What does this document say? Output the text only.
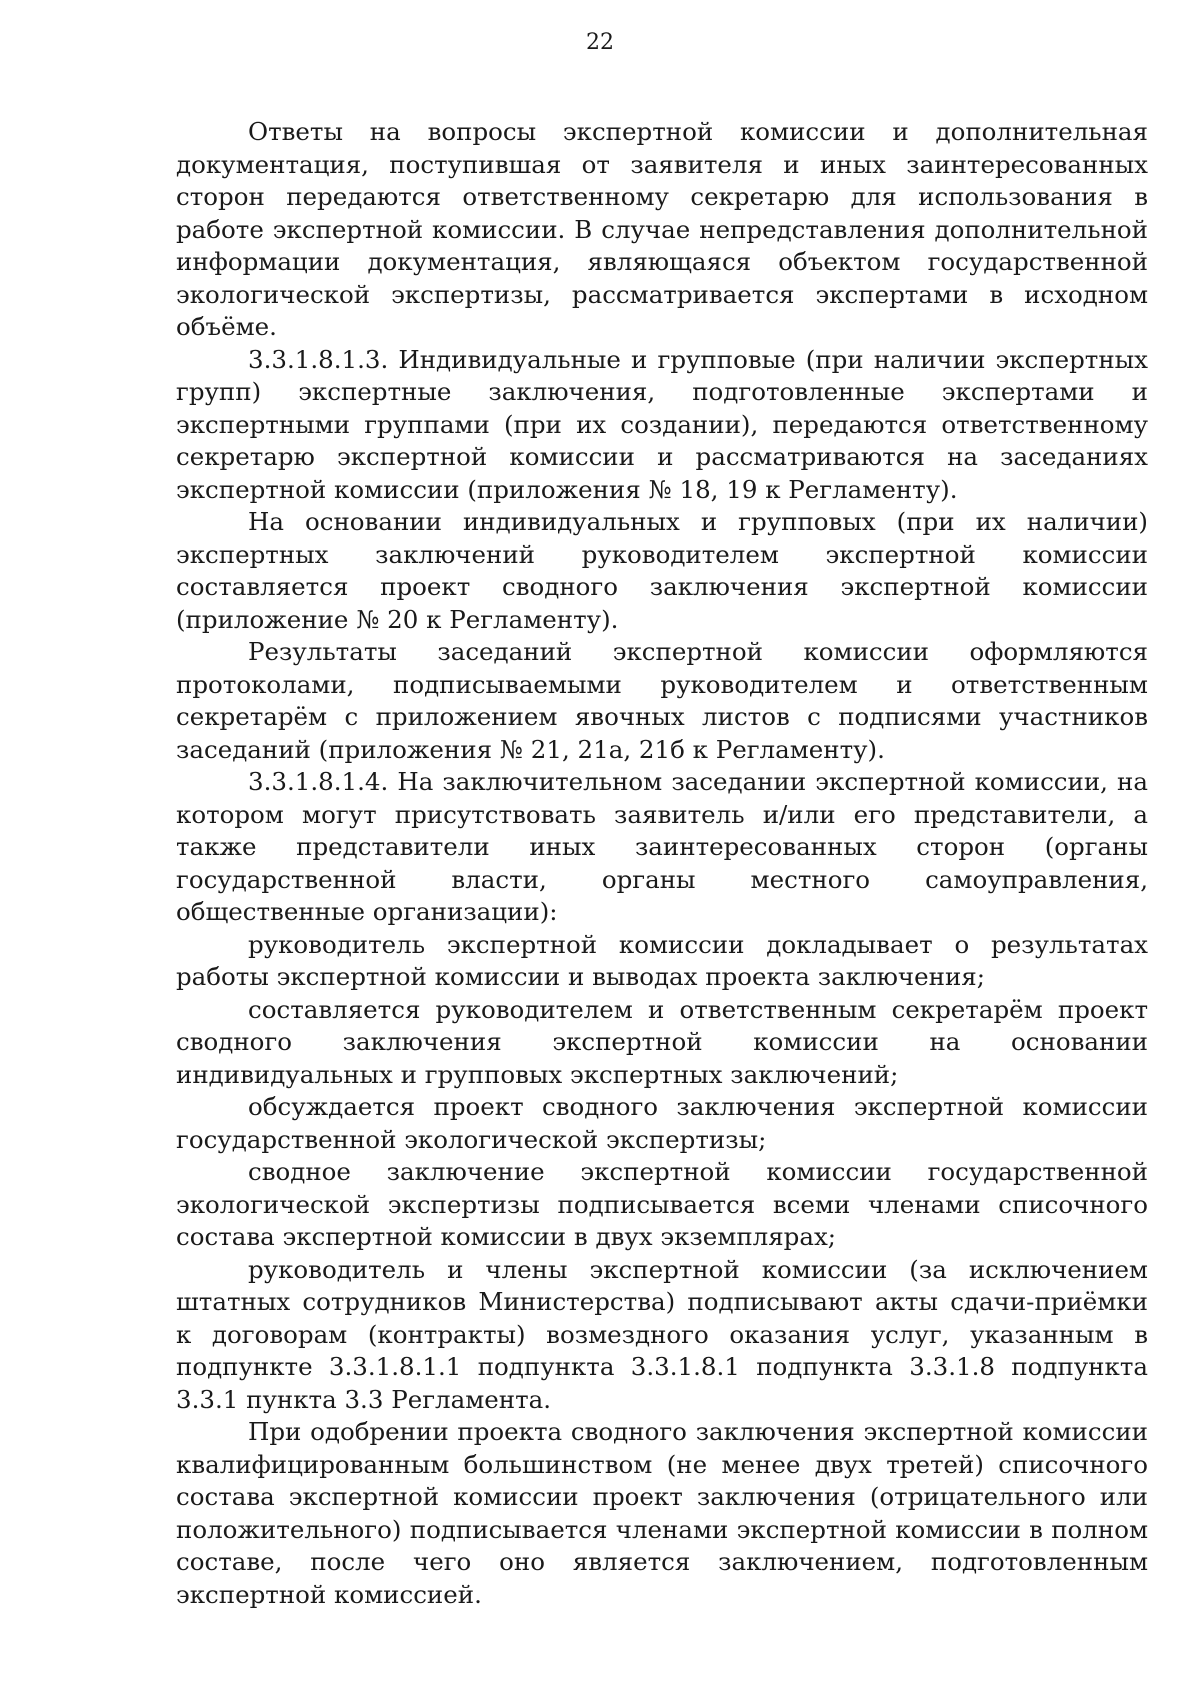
22

Ответы на вопросы экспертной комиссии и дополнительная документация, поступившая от заявителя и иных заинтересованных сторон передаются ответственному секретарю для использования в работе экспертной комиссии. В случае непредставления дополнительной информации документация, являющаяся объектом государственной экологической экспертизы, рассматривается экспертами в исходном объёме.

3.3.1.8.1.3. Индивидуальные и групповые (при наличии экспертных групп) экспертные заключения, подготовленные экспертами и экспертными группами (при их создании), передаются ответственному секретарю экспертной комиссии и рассматриваются на заседаниях экспертной комиссии (приложения № 18, 19 к Регламенту).

На основании индивидуальных и групповых (при их наличии) экспертных заключений руководителем экспертной комиссии составляется проект сводного заключения экспертной комиссии (приложение № 20 к Регламенту).

Результаты заседаний экспертной комиссии оформляются протоколами, подписываемыми руководителем и ответственным секретарём с приложением явочных листов с подписями участников заседаний (приложения № 21, 21а, 21б к Регламенту).

3.3.1.8.1.4. На заключительном заседании экспертной комиссии, на котором могут присутствовать заявитель и/или его представители, а также представители иных заинтересованных сторон (органы государственной власти, органы местного самоуправления, общественные организации):

руководитель экспертной комиссии докладывает о результатах работы экспертной комиссии и выводах проекта заключения;

составляется руководителем и ответственным секретарём проект сводного заключения экспертной комиссии на основании индивидуальных и групповых экспертных заключений;

обсуждается проект сводного заключения экспертной комиссии государственной экологической экспертизы;

сводное заключение экспертной комиссии государственной экологической экспертизы подписывается всеми членами списочного состава экспертной комиссии в двух экземплярах;

руководитель и члены экспертной комиссии (за исключением штатных сотрудников Министерства) подписывают акты сдачи-приёмки к договорам (контракты) возмездного оказания услуг, указанным в подпункте 3.3.1.8.1.1 подпункта 3.3.1.8.1 подпункта 3.3.1.8 подпункта 3.3.1 пункта 3.3 Регламента.

При одобрении проекта сводного заключения экспертной комиссии квалифицированным большинством (не менее двух третей) списочного состава экспертной комиссии проект заключения (отрицательного или положительного) подписывается членами экспертной комиссии в полном составе, после чего оно является заключением, подготовленным экспертной комиссией.
